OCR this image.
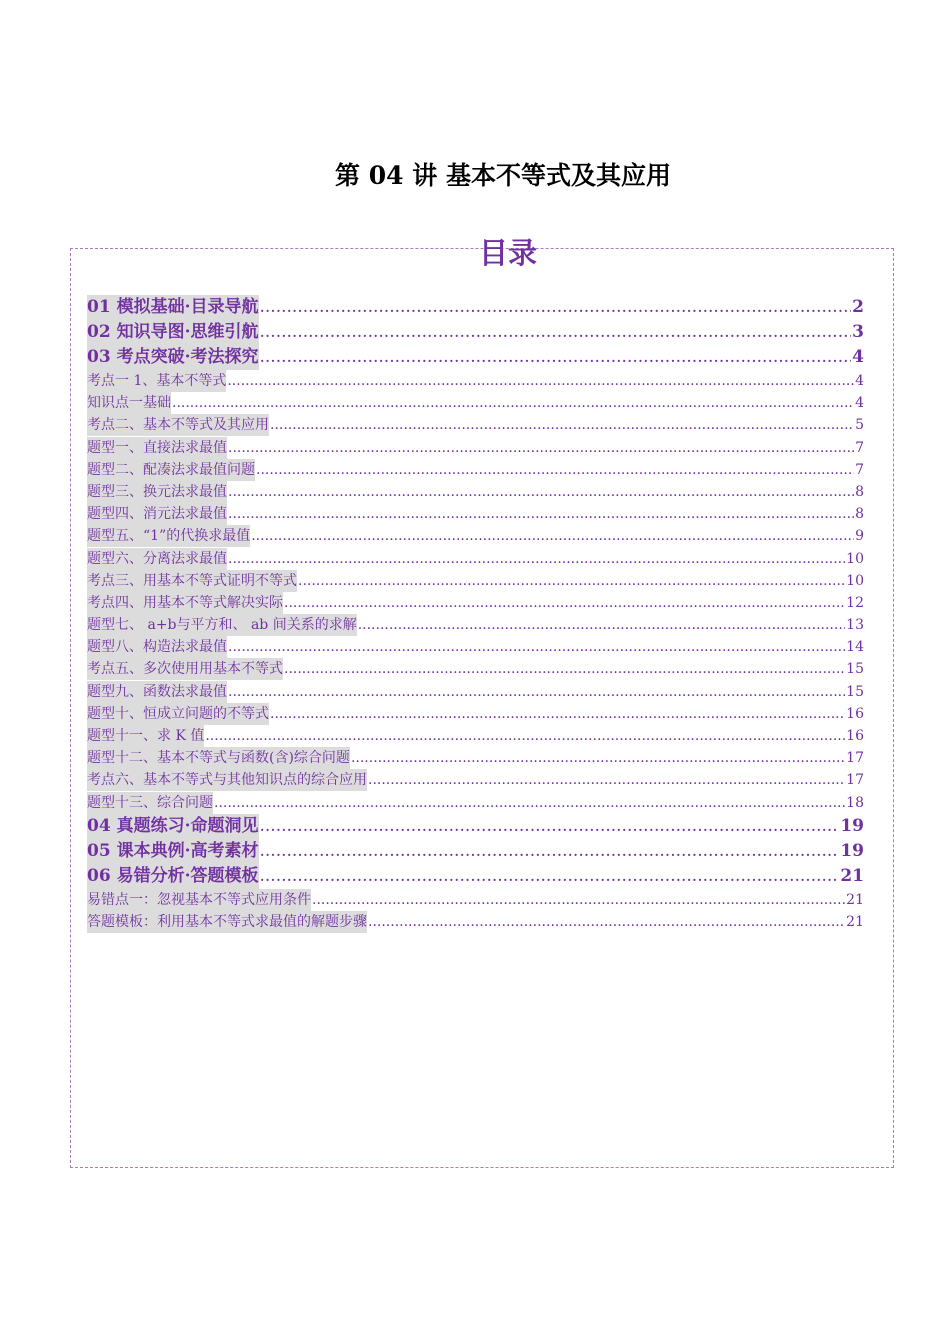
第 04 讲 基本不等式及其应用
目录
01 模拟基础·目录导航 .....	2
02 知识导图·思维引航 .....	3
03 考点突破·考法探究 .....	4
考点一 1、基本不等式 .....	4
知识点一基础 .....	4
考点二、基本不等式及其应用 .....	5
题型一、直接法求最值 .....	7
题型二、配凑法求最值问题 .....	7
题型三、换元法求最值 .....	8
题型四、消元法求最值 .....	8
题型五、“1”的代换求最值 .....	9
题型六、分离法求最值 .....	10
考点三、用基本不等式证明不等式 .....	10
考点四、用基本不等式解决实际 .....	12
题型七、 a+b与平方和、 ab 间关系的求解 .....	13
题型八、构造法求最值 .....	14
考点五、多次使用用基本不等式 .....	15
题型九、函数法求最值 .....	15
题型十、恒成立问题的不等式 .....	16
题型十一、求 K 值 .....	16
题型十二、基本不等式与函数(含)综合问题 .....	17
考点六、基本不等式与其他知识点的综合应用 .....	17
题型十三、综合问题 .....	18
04 真题练习·命题洞见 .....	19
05 课本典例·高考素材 .....	19
06 易错分析·答题模板 .....	21
易错点一：忽视基本不等式应用条件 .....	21
答题模板：利用基本不等式求最值的解题步骤 .....	21
